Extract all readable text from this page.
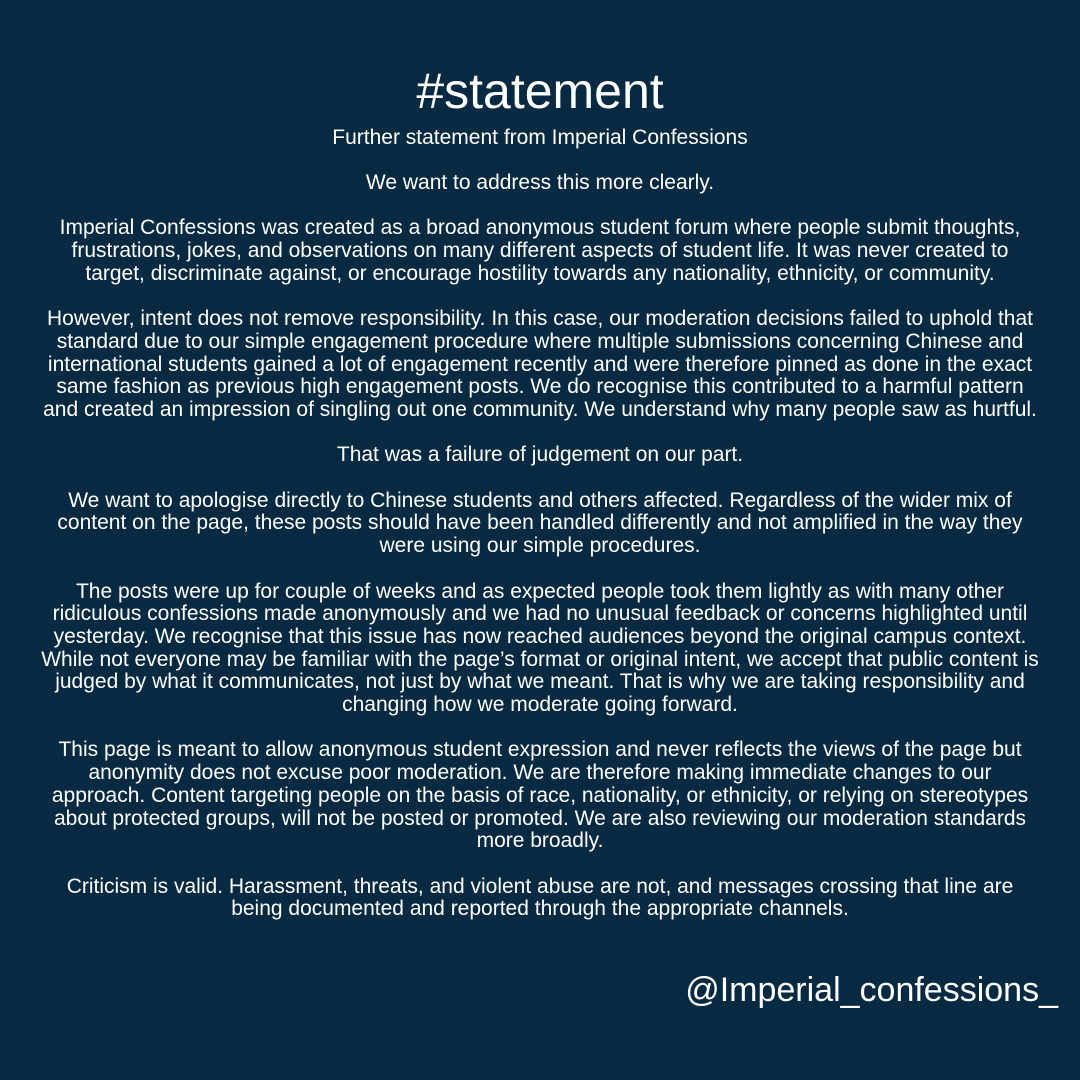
#statement
Further statement from Imperial Confessions

We want to address this more clearly.

Imperial Confessions was created as a broad anonymous student forum where people submit thoughts, frustrations, jokes, and observations on many different aspects of student life. It was never created to target, discriminate against, or encourage hostility towards any nationality, ethnicity, or community.

However, intent does not remove responsibility. In this case, our moderation decisions failed to uphold that standard due to our simple engagement procedure where multiple submissions concerning Chinese and international students gained a lot of engagement recently and were therefore pinned as done in the exact same fashion as previous high engagement posts. We do recognise this contributed to a harmful pattern and created an impression of singling out one community. We understand why many people saw as hurtful.

That was a failure of judgement on our part.

We want to apologise directly to Chinese students and others affected. Regardless of the wider mix of content on the page, these posts should have been handled differently and not amplified in the way they were using our simple procedures.

The posts were up for couple of weeks and as expected people took them lightly as with many other ridiculous confessions made anonymously and we had no unusual feedback or concerns highlighted until yesterday. We recognise that this issue has now reached audiences beyond the original campus context. While not everyone may be familiar with the page’s format or original intent, we accept that public content is judged by what it communicates, not just by what we meant. That is why we are taking responsibility and changing how we moderate going forward.

This page is meant to allow anonymous student expression and never reflects the views of the page but anonymity does not excuse poor moderation. We are therefore making immediate changes to our approach. Content targeting people on the basis of race, nationality, or ethnicity, or relying on stereotypes about protected groups, will not be posted or promoted. We are also reviewing our moderation standards more broadly.

Criticism is valid. Harassment, threats, and violent abuse are not, and messages crossing that line are being documented and reported through the appropriate channels.

@Imperial_confessions_
